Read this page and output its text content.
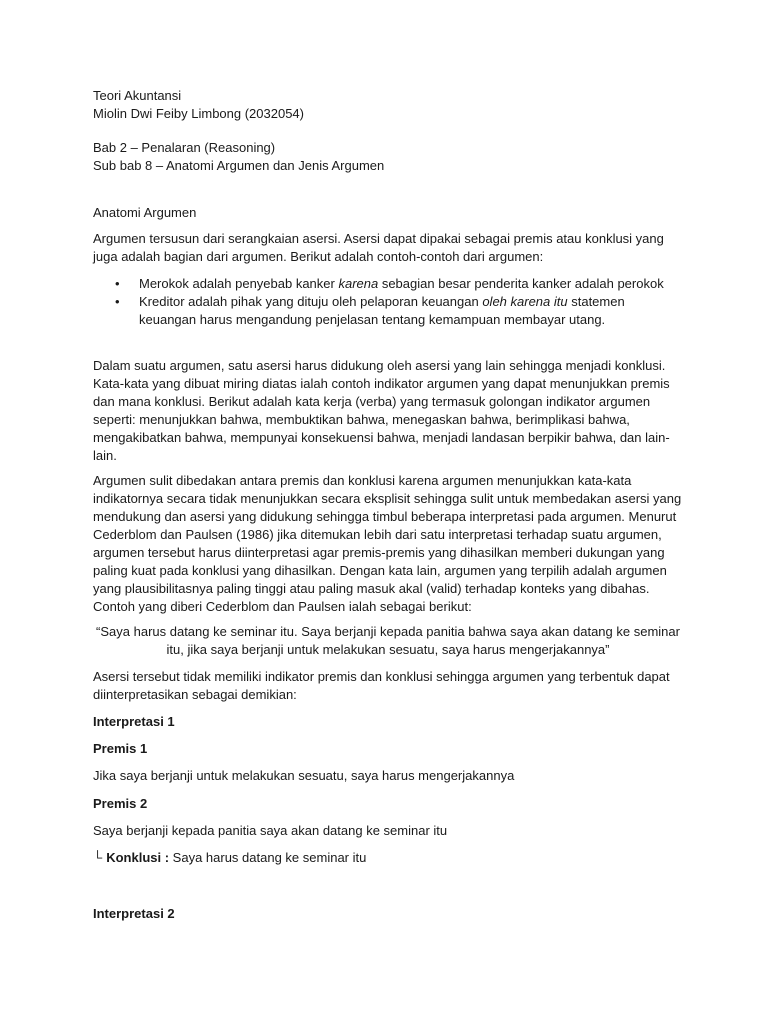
Teori Akuntansi
Miolin Dwi Feiby Limbong (2032054)
Bab 2 – Penalaran (Reasoning)
Sub bab 8 – Anatomi Argumen dan Jenis Argumen
Anatomi Argumen
Argumen tersusun dari serangkaian asersi. Asersi dapat dipakai sebagai premis atau konklusi yang juga adalah bagian dari argumen. Berikut adalah contoh-contoh dari argumen:
• Merokok adalah penyebab kanker karena sebagian besar penderita kanker adalah perokok
• Kreditor adalah pihak yang dituju oleh pelaporan keuangan oleh karena itu statemen keuangan harus mengandung penjelasan tentang kemampuan membayar utang.
Dalam suatu argumen, satu asersi harus didukung oleh asersi yang lain sehingga menjadi konklusi. Kata-kata yang dibuat miring diatas ialah contoh indikator argumen yang dapat menunjukkan premis dan mana konklusi. Berikut adalah kata kerja (verba) yang termasuk golongan indikator argumen seperti: menunjukkan bahwa, membuktikan bahwa, menegaskan bahwa, berimplikasi bahwa, mengakibatkan bahwa, mempunyai konsekuensi bahwa, menjadi landasan berpikir bahwa, dan lain-lain.
Argumen sulit dibedakan antara premis dan konklusi karena argumen menunjukkan kata-kata indikatornya secara tidak menunjukkan secara eksplisit sehingga sulit untuk membedakan asersi yang mendukung dan asersi yang didukung sehingga timbul beberapa interpretasi pada argumen. Menurut Cederblom dan Paulsen (1986) jika ditemukan lebih dari satu interpretasi terhadap suatu argumen, argumen tersebut harus diinterpretasi agar premis-premis yang dihasilkan memberi dukungan yang paling kuat pada konklusi yang dihasilkan. Dengan kata lain, argumen yang terpilih adalah argumen yang plausibilitasnya paling tinggi atau paling masuk akal (valid) terhadap konteks yang dibahas. Contoh yang diberi Cederblom dan Paulsen ialah sebagai berikut:
“Saya harus datang ke seminar itu. Saya berjanji kepada panitia bahwa saya akan datang ke seminar itu, jika saya berjanji untuk melakukan sesuatu, saya harus mengerjakannya”
Asersi tersebut tidak memiliki indikator premis dan konklusi sehingga argumen yang terbentuk dapat diinterpretasikan sebagai demikian:
Interpretasi 1
Premis 1
Jika saya berjanji untuk melakukan sesuatu, saya harus mengerjakannya
Premis 2
Saya berjanji kepada panitia saya akan datang ke seminar itu
└ Konklusi : Saya harus datang ke seminar itu
Interpretasi 2
